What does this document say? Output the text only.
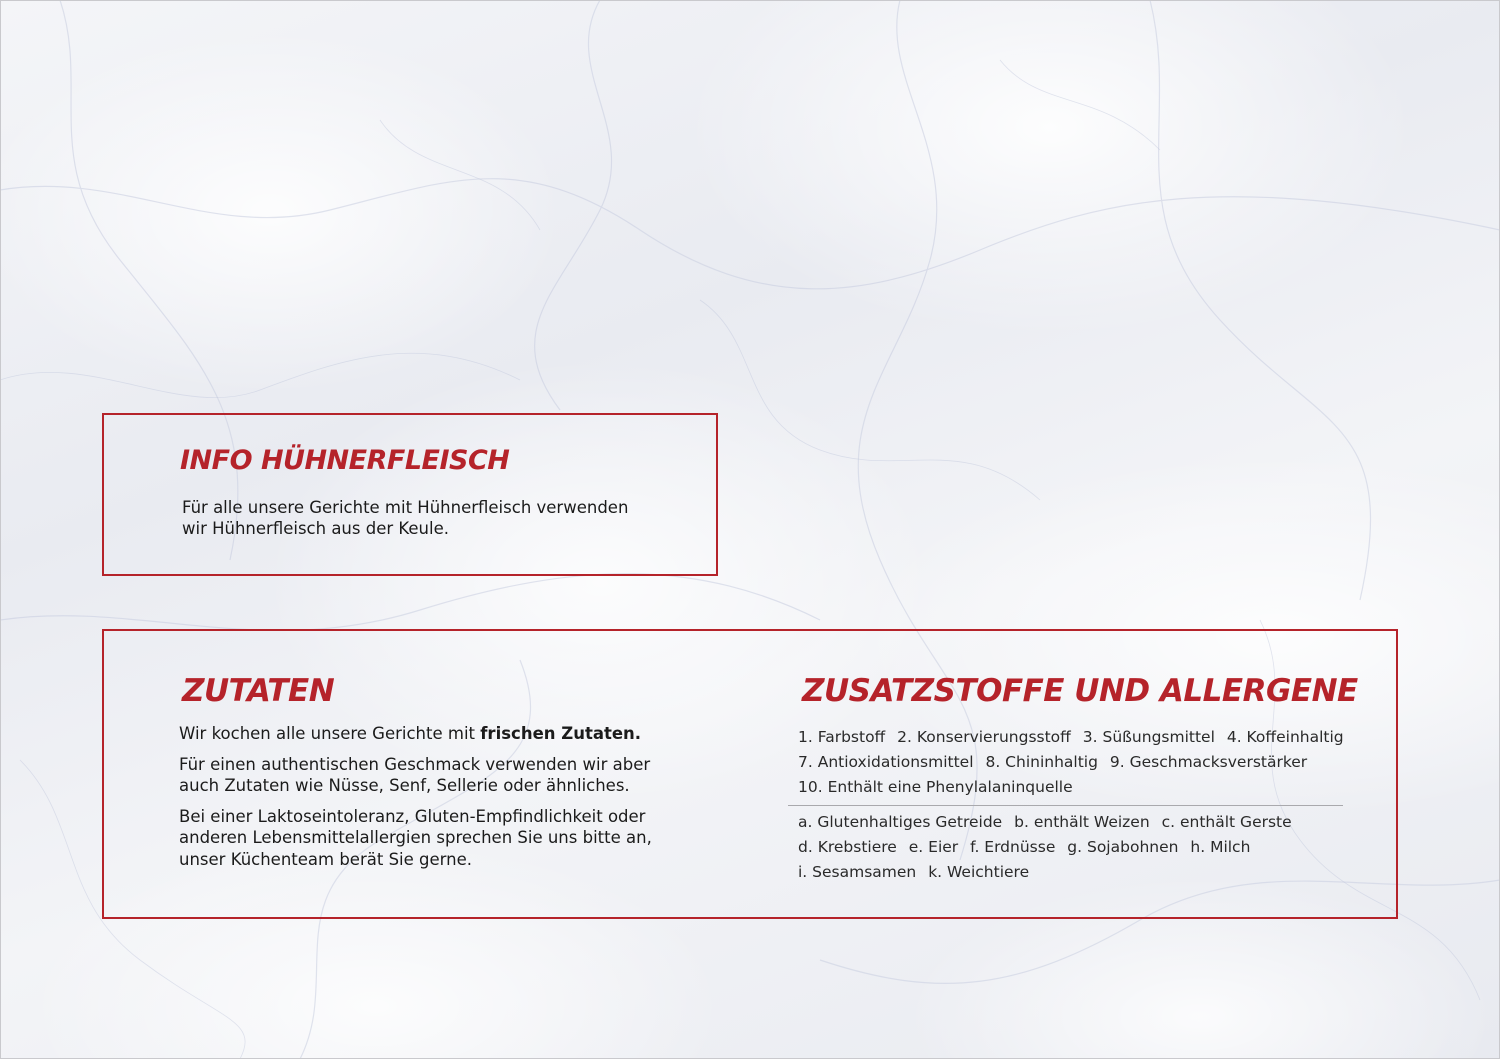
INFO HÜHNERFLEISCH

Für alle unsere Gerichte mit Hühnerfleisch verwenden wir Hühnerfleisch aus der Keule.

ZUTATEN

Wir kochen alle unsere Gerichte mit frischen Zutaten.

Für einen authentischen Geschmack verwenden wir aber auch Zutaten wie Nüsse, Senf, Sellerie oder ähnliches.

Bei einer Laktoseintoleranz, Gluten-Empfindlichkeit oder anderen Lebensmittelallergien sprechen Sie uns bitte an, unser Küchenteam berät Sie gerne.

ZUSATZSTOFFE UND ALLERGENE
1. Farbstoff 2. Konservierungsstoff 3. Süßungsmittel 4. Koffeinhaltig
7. Antioxidationsmittel 8. Chininhaltig 9. Geschmacksverstärker
10. Enthält eine Phenylalaninquelle
a. Glutenhaltiges Getreide b. enthält Weizen c. enthält Gerste
d. Krebstiere e. Eier f. Erdnüsse g. Sojabohnen h. Milch
i. Sesamsamen k. Weichtiere
